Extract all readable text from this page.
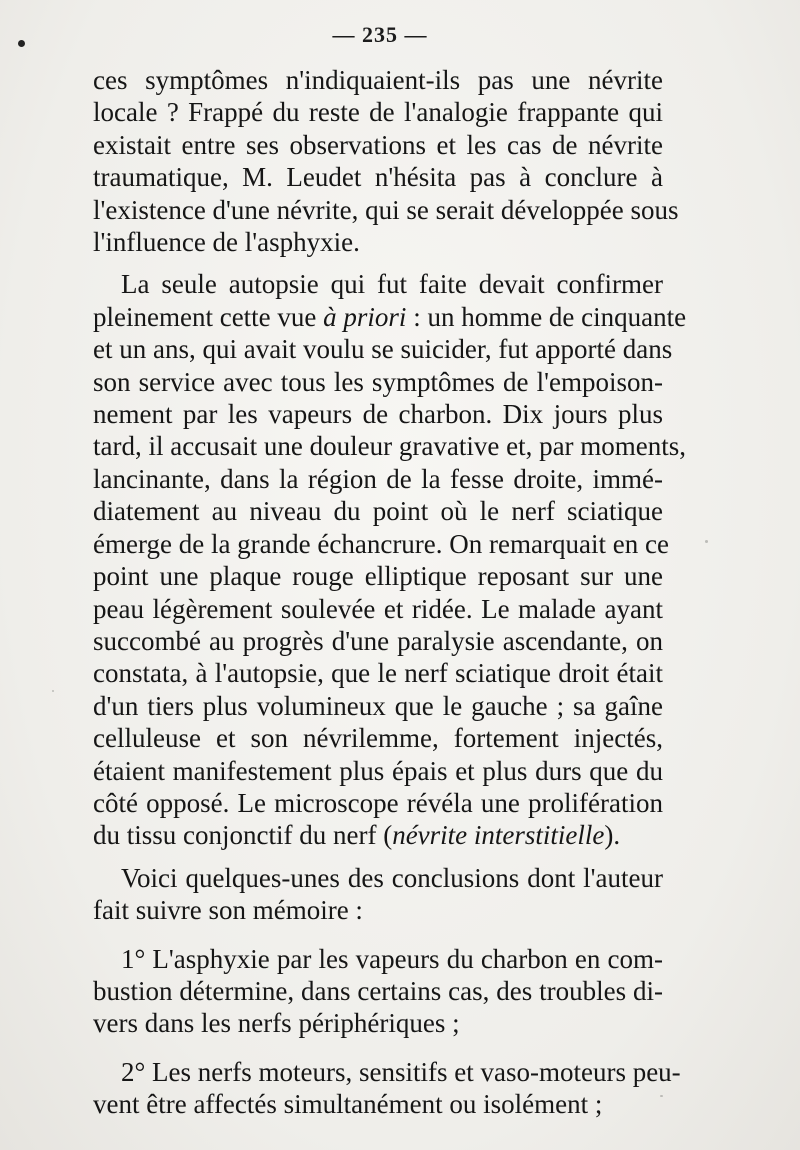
— 235 —

ces symptômes n'indiquaient-ils pas une névrite
locale ? Frappé du reste de l'analogie frappante qui
existait entre ses observations et les cas de névrite
traumatique, M. Leudet n'hésita pas à conclure à
l'existence d'une névrite, qui se serait développée sous
l'influence de l'asphyxie.

La seule autopsie qui fut faite devait confirmer
pleinement cette vue à priori : un homme de cinquante
et un ans, qui avait voulu se suicider, fut apporté dans
son service avec tous les symptômes de l'empoison-
nement par les vapeurs de charbon. Dix jours plus
tard, il accusait une douleur gravative et, par moments,
lancinante, dans la région de la fesse droite, immé-
diatement au niveau du point où le nerf sciatique
émerge de la grande échancrure. On remarquait en ce
point une plaque rouge elliptique reposant sur une
peau légèrement soulevée et ridée. Le malade ayant
succombé au progrès d'une paralysie ascendante, on
constata, à l'autopsie, que le nerf sciatique droit était
d'un tiers plus volumineux que le gauche ; sa gaîne
celluleuse et son névrilemme, fortement injectés,
étaient manifestement plus épais et plus durs que du
côté opposé. Le microscope révéla une prolifération
du tissu conjonctif du nerf (névrite interstitielle).

Voici quelques-unes des conclusions dont l'auteur
fait suivre son mémoire :

1° L'asphyxie par les vapeurs du charbon en com-
bustion détermine, dans certains cas, des troubles di-
vers dans les nerfs périphériques ;

2° Les nerfs moteurs, sensitifs et vaso-moteurs peu-
vent être affectés simultanément ou isolément ;
